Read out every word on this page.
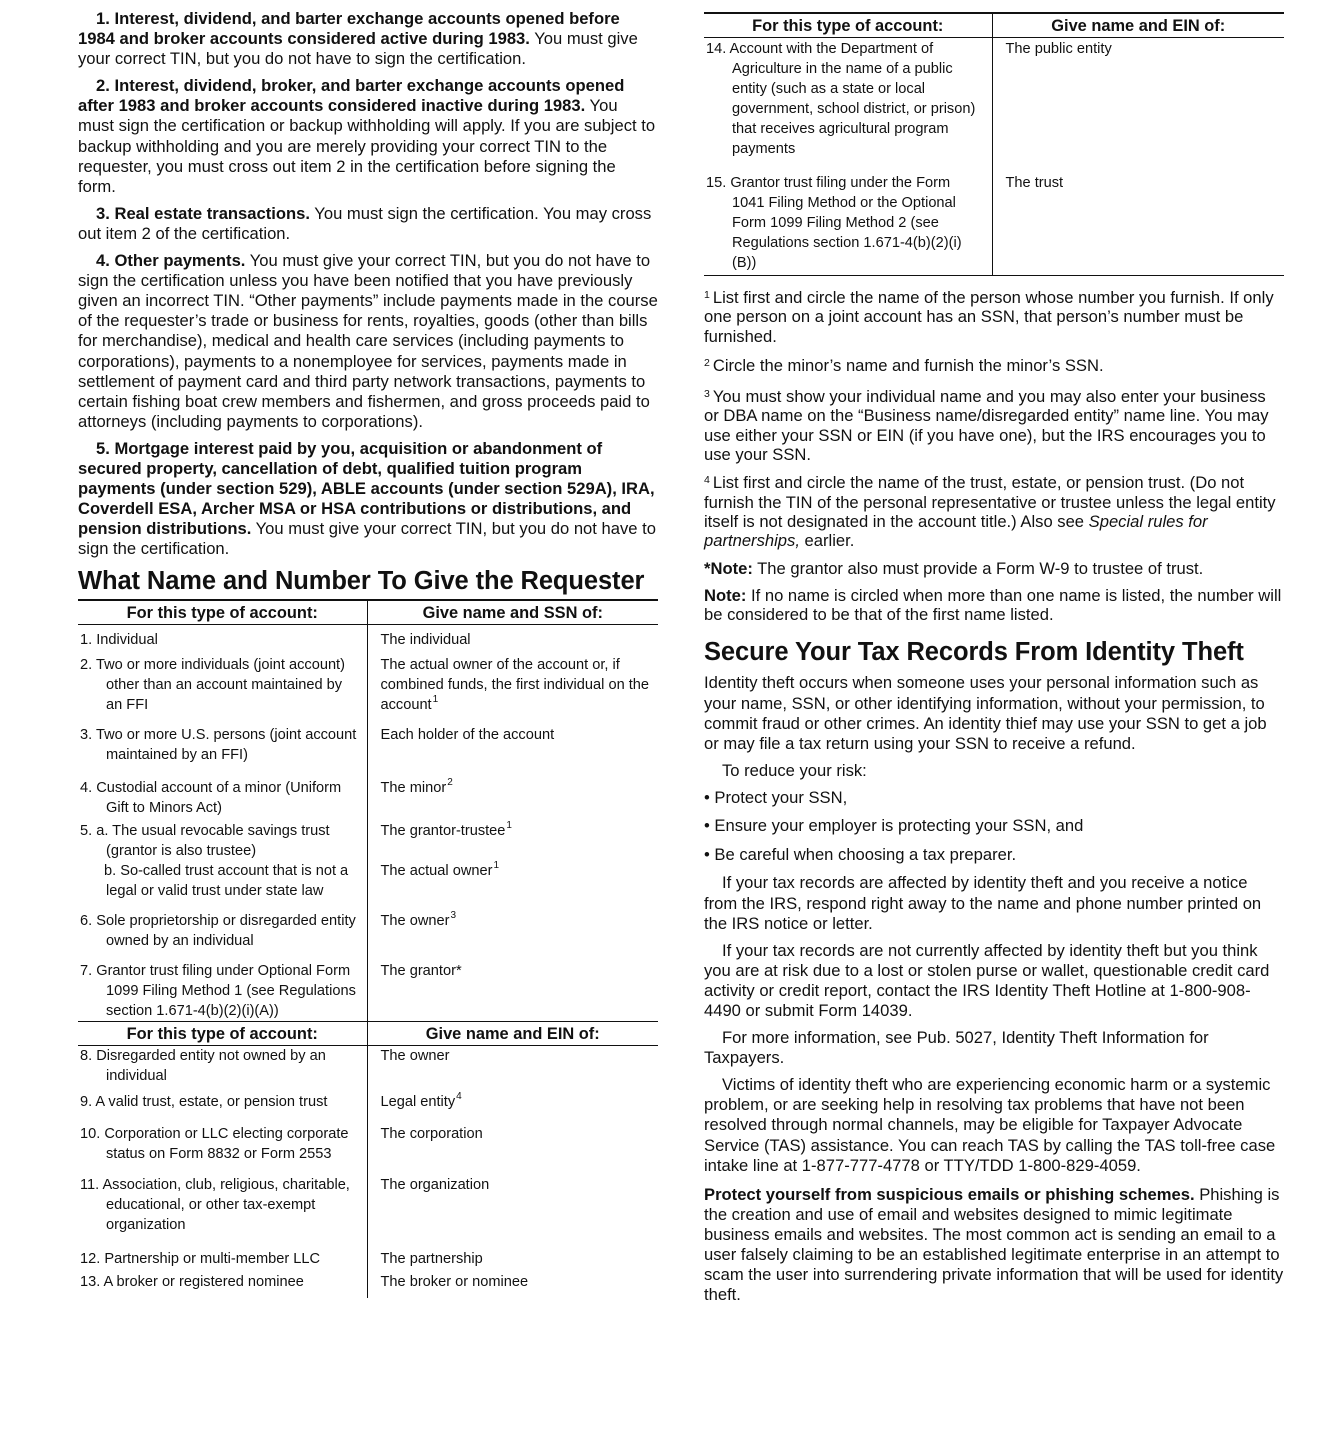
1. Interest, dividend, and barter exchange accounts opened before 1984 and broker accounts considered active during 1983. You must give your correct TIN, but you do not have to sign the certification.

2. Interest, dividend, broker, and barter exchange accounts opened after 1983 and broker accounts considered inactive during 1983. You must sign the certification or backup withholding will apply. If you are subject to backup withholding and you are merely providing your correct TIN to the requester, you must cross out item 2 in the certification before signing the form.

3. Real estate transactions. You must sign the certification. You may cross out item 2 of the certification.

4. Other payments. You must give your correct TIN, but you do not have to sign the certification unless you have been notified that you have previously given an incorrect TIN. “Other payments” include payments made in the course of the requester’s trade or business for rents, royalties, goods (other than bills for merchandise), medical and health care services (including payments to corporations), payments to a nonemployee for services, payments made in settlement of payment card and third party network transactions, payments to certain fishing boat crew members and fishermen, and gross proceeds paid to attorneys (including payments to corporations).

5. Mortgage interest paid by you, acquisition or abandonment of secured property, cancellation of debt, qualified tuition program payments (under section 529), ABLE accounts (under section 529A), IRA, Coverdell ESA, Archer MSA or HSA contributions or distributions, and pension distributions. You must give your correct TIN, but you do not have to sign the certification.

What Name and Number To Give the Requester
For this type of account:	Give name and SSN of:

1. Individual	The individual

2. Two or more individuals (joint account) other than an account maintained by an FFI	The actual owner of the account or, if combined funds, the first individual on the account$^1$

3. Two or more U.S. persons (joint account maintained by an FFI)	Each holder of the account

4. Custodial account of a minor (Uniform Gift to Minors Act)	The minor$^2$

5. a. The usual revocable savings trust (grantor is also trustee)	The grantor-trustee$^1$

b. So-called trust account that is not a legal or valid trust under state law	The actual owner$^1$

6. Sole proprietorship or disregarded entity owned by an individual	The owner$^3$

7. Grantor trust filing under Optional Form 1099 Filing Method 1 (see Regulations section 1.671-4(b)(2)(i)(A))	The grantor*
For this type of account:	Give name and EIN of:

8. Disregarded entity not owned by an individual	The owner

9. A valid trust, estate, or pension trust	Legal entity$^4$

10. Corporation or LLC electing corporate status on Form 8832 or Form 2553	The corporation

11. Association, club, religious, charitable, educational, or other tax-exempt organization	The organization

12. Partnership or multi-member LLC	The partnership

13. A broker or registered nominee	The broker or nominee
For this type of account:	Give name and EIN of:

14. Account with the Department of Agriculture in the name of a public entity (such as a state or local government, school district, or prison) that receives agricultural program payments	The public entity

15. Grantor trust filing under the Form 1041 Filing Method or the Optional Form 1099 Filing Method 2 (see Regulations section 1.671-4(b)(2)(i)(B))	The trust

$^1$ List first and circle the name of the person whose number you furnish. If only one person on a joint account has an SSN, that person’s number must be furnished.

$^2$ Circle the minor’s name and furnish the minor’s SSN.

$^3$ You must show your individual name and you may also enter your business or DBA name on the “Business name/disregarded entity” name line. You may use either your SSN or EIN (if you have one), but the IRS encourages you to use your SSN.

$^4$ List first and circle the name of the trust, estate, or pension trust. (Do not furnish the TIN of the personal representative or trustee unless the legal entity itself is not designated in the account title.) Also see Special rules for partnerships, earlier.

*Note: The grantor also must provide a Form W-9 to trustee of trust.

Note: If no name is circled when more than one name is listed, the number will be considered to be that of the first name listed.

Secure Your Tax Records From Identity Theft

Identity theft occurs when someone uses your personal information such as your name, SSN, or other identifying information, without your permission, to commit fraud or other crimes. An identity thief may use your SSN to get a job or may file a tax return using your SSN to receive a refund.

To reduce your risk:

• Protect your SSN,
• Ensure your employer is protecting your SSN, and
• Be careful when choosing a tax preparer.

If your tax records are affected by identity theft and you receive a notice from the IRS, respond right away to the name and phone number printed on the IRS notice or letter.

If your tax records are not currently affected by identity theft but you think you are at risk due to a lost or stolen purse or wallet, questionable credit card activity or credit report, contact the IRS Identity Theft Hotline at 1-800-908-4490 or submit Form 14039.

For more information, see Pub. 5027, Identity Theft Information for Taxpayers.

Victims of identity theft who are experiencing economic harm or a systemic problem, or are seeking help in resolving tax problems that have not been resolved through normal channels, may be eligible for Taxpayer Advocate Service (TAS) assistance. You can reach TAS by calling the TAS toll-free case intake line at 1-877-777-4778 or TTY/TDD 1-800-829-4059.

Protect yourself from suspicious emails or phishing schemes. Phishing is the creation and use of email and websites designed to mimic legitimate business emails and websites. The most common act is sending an email to a user falsely claiming to be an established legitimate enterprise in an attempt to scam the user into surrendering private information that will be used for identity theft.
